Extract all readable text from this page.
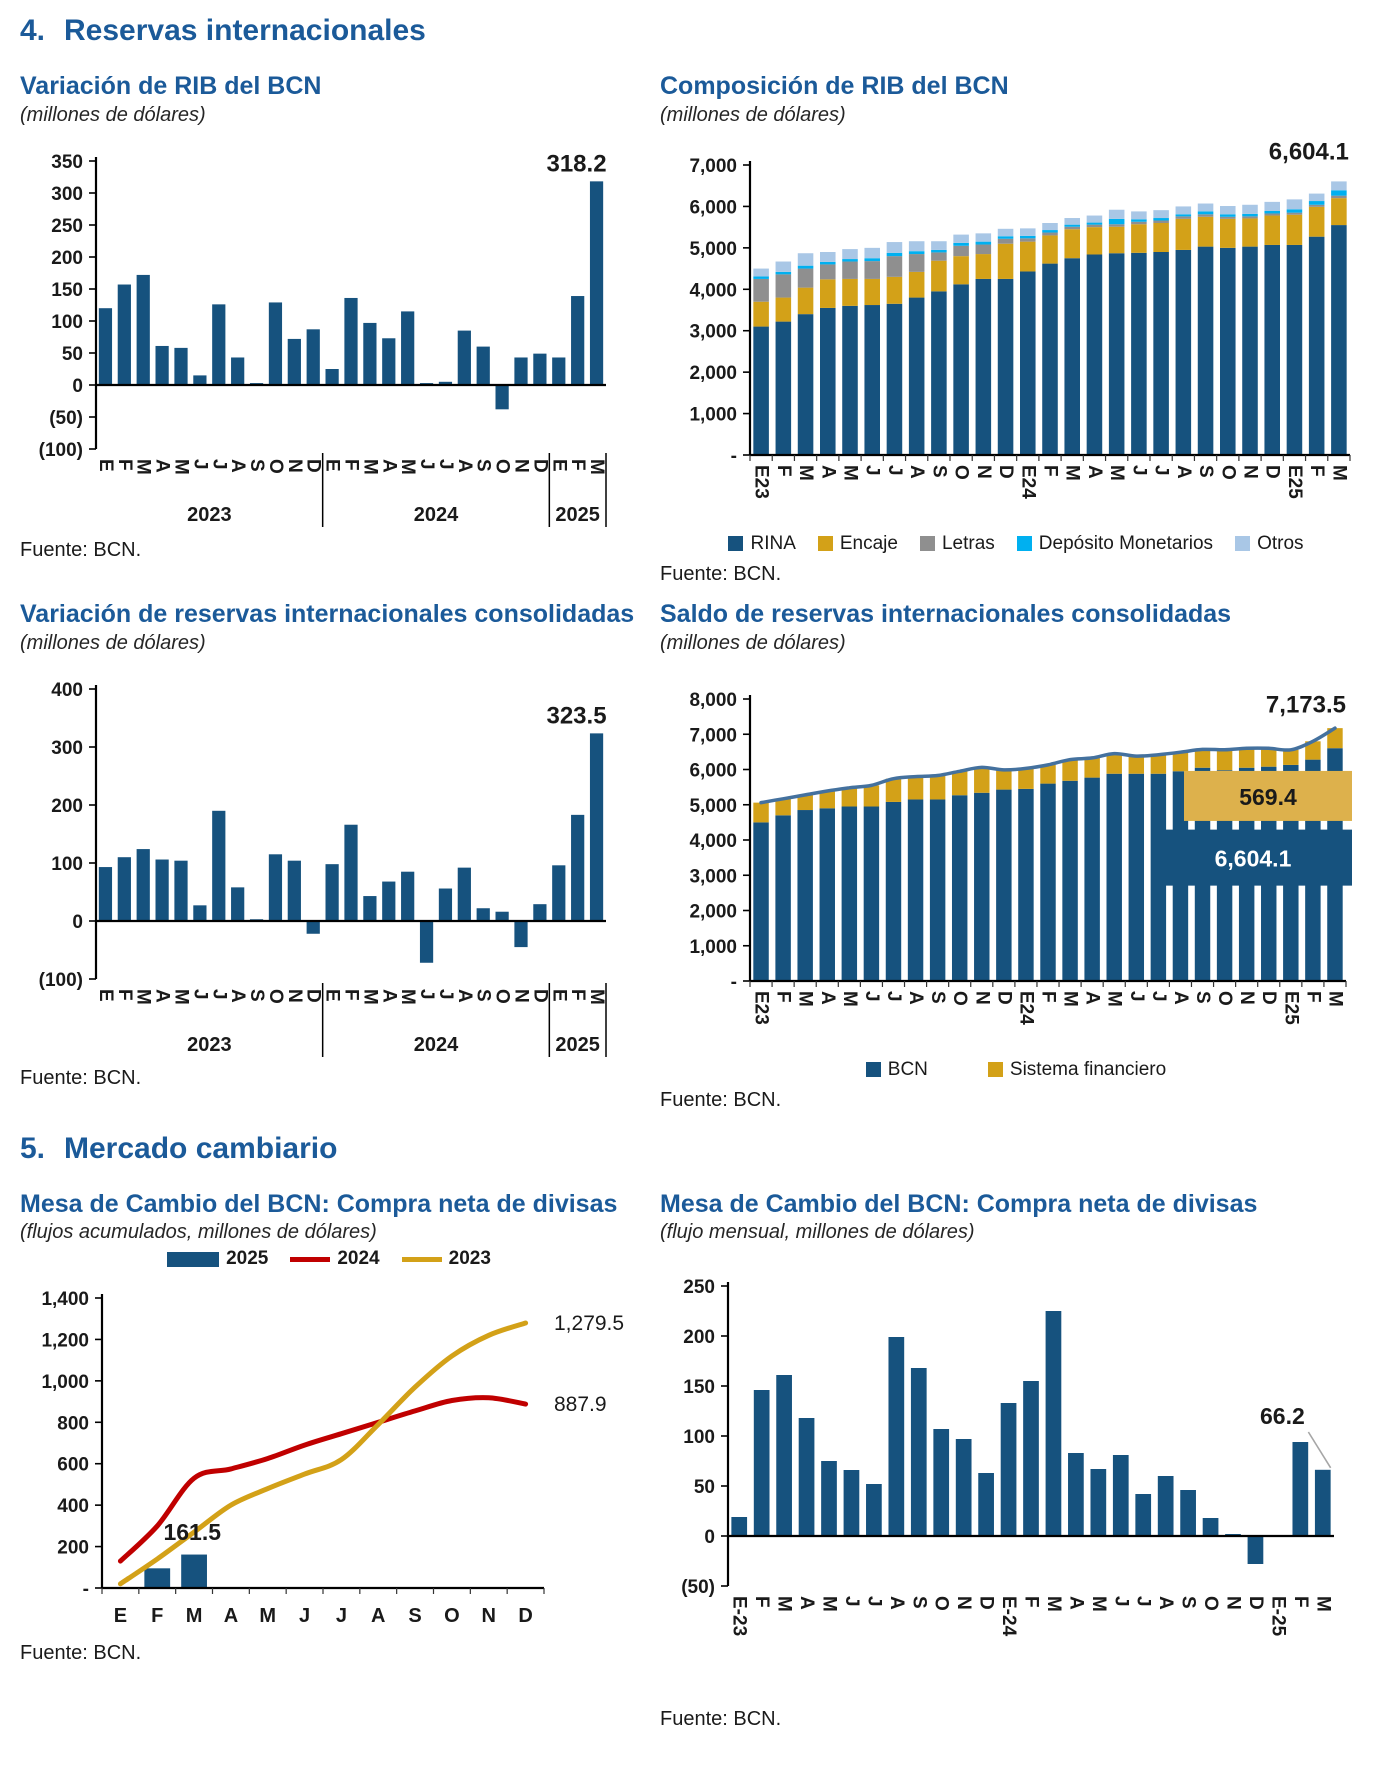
4. Reservas internacionales
Variación de RIB del BCN

(millones de dólares)

350
300
250
200
150
100
50
0
(50)
(100)
E
F
M
A
M
J
J
A
S
O
N
D
E
F
M
A
M
J
J
A
S
O
N
D
E
F
M
2023	2024	2025
318.2

Fuente: BCN.

Composición de RIB del BCN

(millones de dólares)

7,000
6,000
5,000
4,000
3,000
2,000
1,000
-
E23 F M A M J J A S O N D E24 F M A M J J A S O N D E25 F M
6,604.1
RINA Encaje Letras Depósito Monetarios Otros

Fuente: BCN.

Variación de reservas internacionales consolidadas

(millones de dólares)

400
300
200
100
0
(100)
E
F
M
A
M
J
J
A
S
O
N
D
E
F
M
A
M
J
J
A
S
O
N
D
E
F
M
2023	2024	2025
323.5

Fuente: BCN.

Saldo de reservas internacionales consolidadas

(millones de dólares)

8,000
7,000
6,000
5,000
4,000
3,000
2,000
1,000
-
E23 F M A M J J A S O N D E24 F M A M J J A S O N D E25 F M
7,173.5
569.4
6,604.1
BCN	Sistema financiero

Fuente: BCN.

5. Mercado cambiario
Mesa de Cambio del BCN: Compra neta de divisas

(flujos acumulados, millones de dólares)

2025	2024	2023
1,400
1,200
1,000
800
600
400
200
-
E F M A M J J A S O N D
161.5
1,279.5
887.9

Fuente: BCN.

Mesa de Cambio del BCN: Compra neta de divisas

(flujo mensual, millones de dólares)

250
200
150
100
50
0
(50)
E-23 F M A M J J A S O N D E-24 F M A M J J A S O N D E-25 F M
66.2

Fuente: BCN.
